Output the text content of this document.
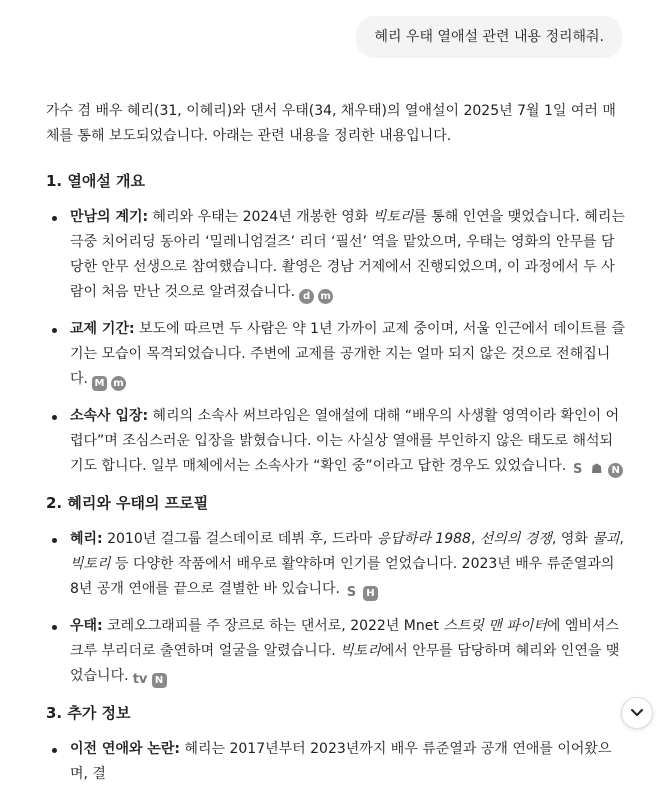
혜리 우태 열애설 관련 내용 정리해줘.

가수 겸 배우 혜리(31, 이혜리)와 댄서 우태(34, 채우태)의 열애설이 2025년 7월 1일 여러 매체를 통해 보도되었습니다. 아래는 관련 내용을 정리한 내용입니다.

1. 열애설 개요
만남의 계기: 혜리와 우태는 2024년 개봉한 영화 빅토리를 통해 인연을 맺었습니다. 혜리는 극중 치어리딩 동아리 ‘밀레니엄걸즈’ 리더 ‘필선’ 역을 맡았으며, 우태는 영화의 안무를 담당한 안무 선생으로 참여했습니다. 촬영은 경남 거제에서 진행되었으며, 이 과정에서 두 사람이 처음 만난 것으로 알려졌습니다. d m
교제 기간: 보도에 따르면 두 사람은 약 1년 가까이 교제 중이며, 서울 인근에서 데이트를 즐기는 모습이 목격되었습니다. 주변에 교제를 공개한 지는 얼마 되지 않은 것으로 전해집니다. M m
소속사 입장: 혜리의 소속사 써브라임은 열애설에 대해 “배우의 사생활 영역이라 확인이 어렵다”며 조심스러운 입장을 밝혔습니다. 이는 사실상 열애를 부인하지 않은 태도로 해석되기도 합니다. 일부 매체에서는 소속사가 “확인 중”이라고 답한 경우도 있었습니다. S ☗ N
2. 혜리와 우태의 프로필
혜리: 2010년 걸그룹 걸스데이로 데뷔 후, 드라마 응답하라 1988, 선의의 경쟁, 영화 물괴, 빅토리 등 다양한 작품에서 배우로 활약하며 인기를 얻었습니다. 2023년 배우 류준열과의 8년 공개 연애를 끝으로 결별한 바 있습니다. S H
우태: 코레오그래피를 주 장르로 하는 댄서로, 2022년 Mnet 스트릿 맨 파이터에 엠비셔스 크루 부리더로 출연하며 얼굴을 알렸습니다. 빅토리에서 안무를 담당하며 혜리와 인연을 맺었습니다. tv N
3. 추가 정보
이전 연애와 논란: 혜리는 2017년부터 2023년까지 배우 류준열과 공개 연애를 이어왔으며, 결
